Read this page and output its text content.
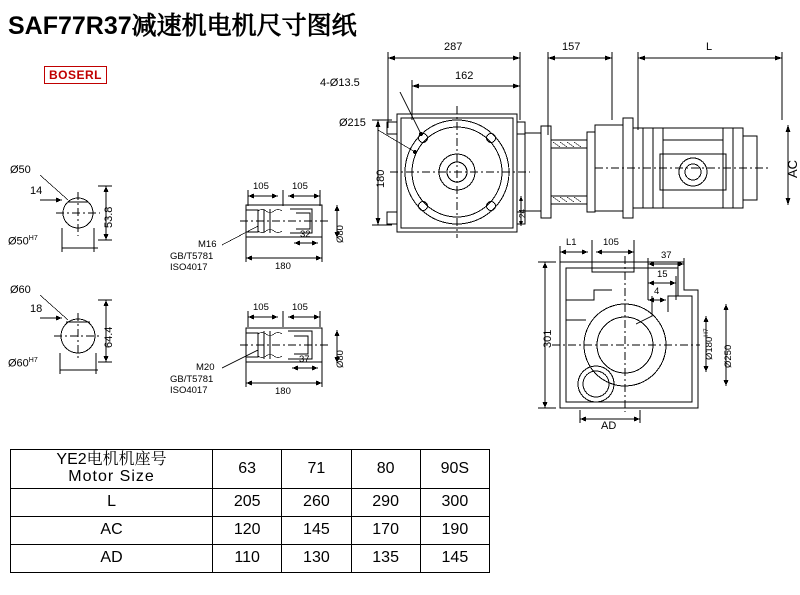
SAF77R37减速机电机尺寸图纸
BOSERL
287
162
157	L
4-Ø13.5
Ø215
180
AC
24
Ø50
53.8
14
$Ø50^{H7}$
Ø60
64.4
18
$Ø60^{H7}$
105 105
32
180
Ø80
M16
GB/T5781
ISO4017
105 105
37
180
Ø80
M20
GB/T5781
ISO4017
L1	105
37
15
4
301	$Ø180^{H7}$
Ø250
AD
YE2电机机座号
Motor Size	63	71	80	90S
L	205	260	290	300
AC	120	145	170	190
AD	110	130	135	145
